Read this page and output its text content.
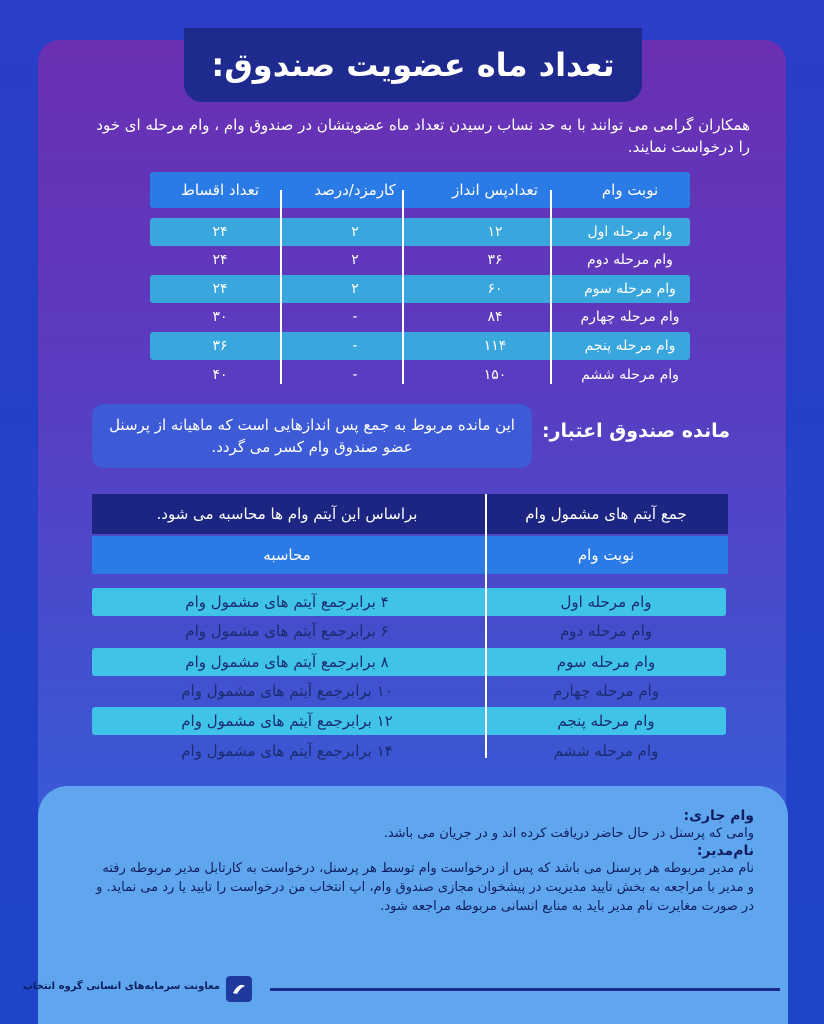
تعداد ماه عضویت صندوق:

همکاران گرامی می توانند با به حد نساب رسیدن تعداد ماه عضویتشان در صندوق وام ، وام مرحله ای خود را درخواست نمایند.

نوبت وام
تعدادپس انداز
کارمزد/درصد
تعداد اقساط
وام مرحله اول
۱۲
۲
۲۴
وام مرحله دوم
۳۶
۲
۲۴
وام مرحله سوم
۶۰
۲
۲۴
وام مرحله چهارم
۸۴
-
۳۰
وام مرحله پنجم
۱۱۴
-
۳۶
وام مرحله ششم
۱۵۰
-
۴۰
مانده صندوق اعتبار:
این مانده مربوط به جمع پس اندازهایی است که ماهیانه از پرسنل عضو صندوق وام کسر می گردد.
جمع آیتم های مشمول وام
براساس این آیتم وام ها محاسبه می شود.
نوبت وام
محاسبه
وام مرحله اول
۴ برابرجمع آیتم های مشمول وام
وام مرحله دوم
۶ برابرجمع آیتم های مشمول وام
وام مرحله سوم
۸ برابرجمع آیتم های مشمول وام
وام مرحله چهارم
۱۰ برابرجمع آیتم های مشمول وام
وام مرحله پنجم
۱۲ برابرجمع آیتم های مشمول وام
وام مرحله ششم
۱۴ برابرجمع آیتم های مشمول وام
وام جاری:

وامی که پرسنل در حال حاضر دریافت کرده اند و در جریان می باشد.

نام‌مدیر:

نام مدیر مربوطه هر پرسنل می باشد که پس از درخواست وام توسط هر پرسنل، درخواست به کارتابل مدیر مربوطه رفته و مدیر با مراجعه به بخش تایید مدیریت در پیشخوان مجازی صندوق وام، اپ انتخاب من درخواست را تایید یا رد می نماید. و در صورت مغایرت نام مدیر باید به منابع انسانی مربوطه مراجعه شود.

معاونت سرمایه‌های انسانی گروه انتخاب
